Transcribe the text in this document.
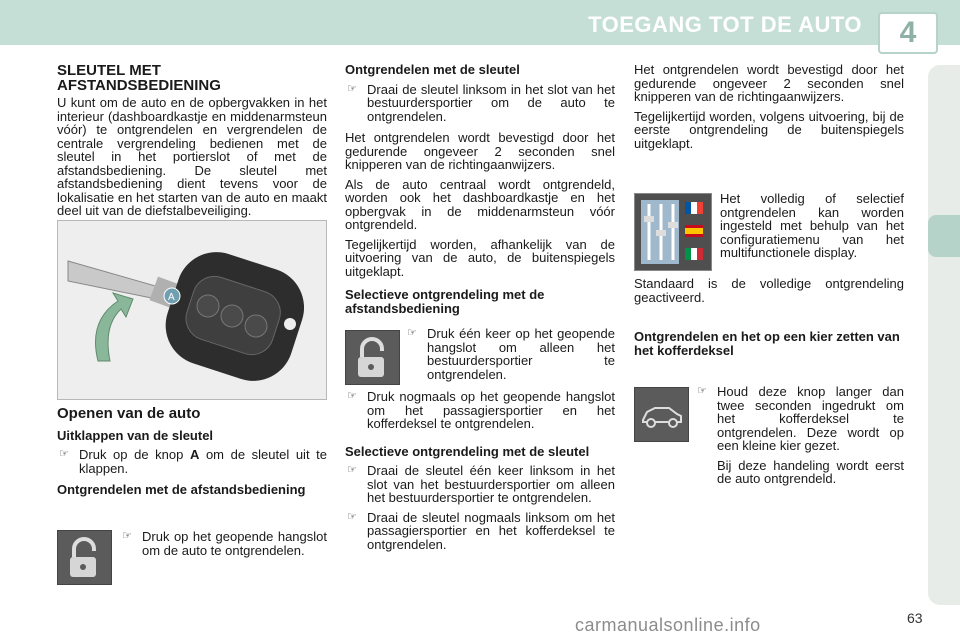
TOEGANG TOT DE AUTO	4
SLEUTEL MET AFSTANDSBEDIENING

U kunt om de auto en de opbergvakken in het interieur (dashboardkastje en middenarmsteun vóór) te ontgrendelen en vergrendelen de centrale vergrendeling bedienen met de sleutel in het portierslot of met de afstandsbediening. De sleutel met afstandsbediening dient tevens voor de lokalisatie en het starten van de auto en maakt deel uit van de diefstalbeveiliging.

A
Openen van de auto
Uitklappen van de sleutel
☞ Druk op de knop A om de sleutel uit te klappen.
Ontgrendelen met de afstandsbediening
☞ Druk op het geopende hangslot om de auto te ontgrendelen.
Ontgrendelen met de sleutel
☞ Draai de sleutel linksom in het slot van het bestuurdersportier om de auto te ontgrendelen.

Het ontgrendelen wordt bevestigd door het gedurende ongeveer 2 seconden snel knipperen van de richtingaanwijzers.

Als de auto centraal wordt ontgrendeld, worden ook het dashboardkastje en het opbergvak in de middenarmsteun vóór ontgrendeld.

Tegelijkertijd worden, afhankelijk van de uitvoering van de auto, de buitenspiegels uitgeklapt.

Selectieve ontgrendeling met de afstandsbediening
☞ Druk één keer op het geopende hangslot om alleen het bestuurdersportier te ontgrendelen.
☞ Druk nogmaals op het geopende hangslot om het passagiersportier en het kofferdeksel te ontgrendelen.
Selectieve ontgrendeling met de sleutel
☞ Draai de sleutel één keer linksom in het slot van het bestuurdersportier om alleen het bestuurdersportier te ontgrendelen.
☞ Draai de sleutel nogmaals linksom om het passagiersportier en het kofferdeksel te ontgrendelen.

Het ontgrendelen wordt bevestigd door het gedurende ongeveer 2 seconden snel knipperen van de richtingaanwijzers.

Tegelijkertijd worden, volgens uitvoering, bij de eerste ontgrendeling de buitenspiegels uitgeklapt.

Het volledig of selectief ontgrendelen kan worden ingesteld met behulp van het configuratiemenu van het multifunctionele display.

Standaard is de volledige ontgrendeling geactiveerd.

Ontgrendelen en het op een kier zetten van het kofferdeksel
☞ Houd deze knop langer dan twee seconden ingedrukt om het kofferdeksel te ontgrendelen. Deze wordt op een kleine kier gezet.

Bij deze handeling wordt eerst de auto ontgrendeld.

63
carmanualsonline.info
